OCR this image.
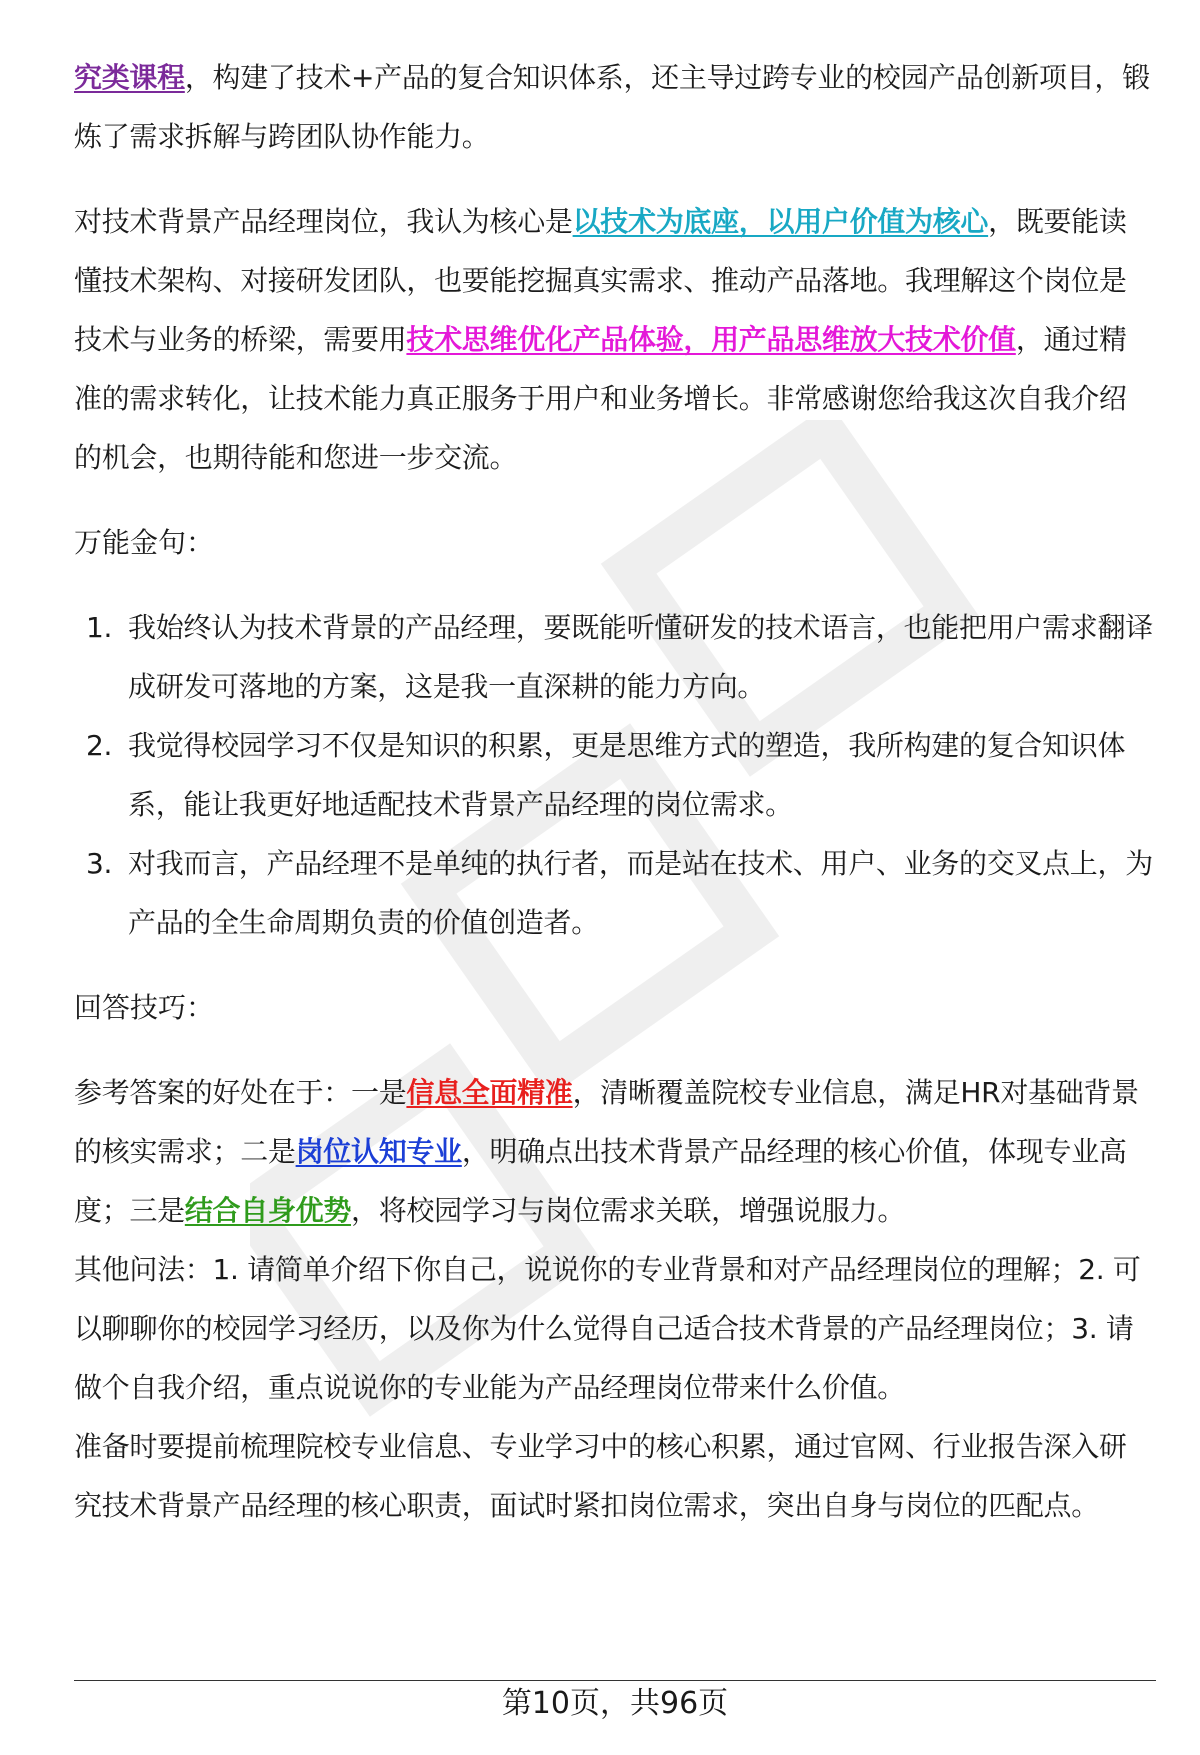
究类课程，构建了技术+产品的复合知识体系，还主导过跨专业的校园产品创新项目，锻炼了需求拆解与跨团队协作能力。

对技术背景产品经理岗位，我认为核心是以技术为底座，以用户价值为核心，既要能读懂技术架构、对接研发团队，也要能挖掘真实需求、推动产品落地。我理解这个岗位是技术与业务的桥梁，需要用技术思维优化产品体验，用产品思维放大技术价值，通过精准的需求转化，让技术能力真正服务于用户和业务增长。非常感谢您给我这次自我介绍的机会，也期待能和您进一步交流。

万能金句：

1. 我始终认为技术背景的产品经理，要既能听懂研发的技术语言，也能把用户需求翻译成研发可落地的方案，这是我一直深耕的能力方向。
2. 我觉得校园学习不仅是知识的积累，更是思维方式的塑造，我所构建的复合知识体系，能让我更好地适配技术背景产品经理的岗位需求。
3. 对我而言，产品经理不是单纯的执行者，而是站在技术、用户、业务的交叉点上，为产品的全生命周期负责的价值创造者。

回答技巧：

参考答案的好处在于：一是信息全面精准，清晰覆盖院校专业信息，满足HR对基础背景的核实需求；二是岗位认知专业，明确点出技术背景产品经理的核心价值，体现专业高度；三是结合自身优势，将校园学习与岗位需求关联，增强说服力。

其他问法：1. 请简单介绍下你自己，说说你的专业背景和对产品经理岗位的理解；2. 可以聊聊你的校园学习经历，以及你为什么觉得自己适合技术背景的产品经理岗位；3. 请做个自我介绍，重点说说你的专业能为产品经理岗位带来什么价值。

准备时要提前梳理院校专业信息、专业学习中的核心积累，通过官网、行业报告深入研究技术背景产品经理的核心职责，面试时紧扣岗位需求，突出自身与岗位的匹配点。

第10页，共96页
